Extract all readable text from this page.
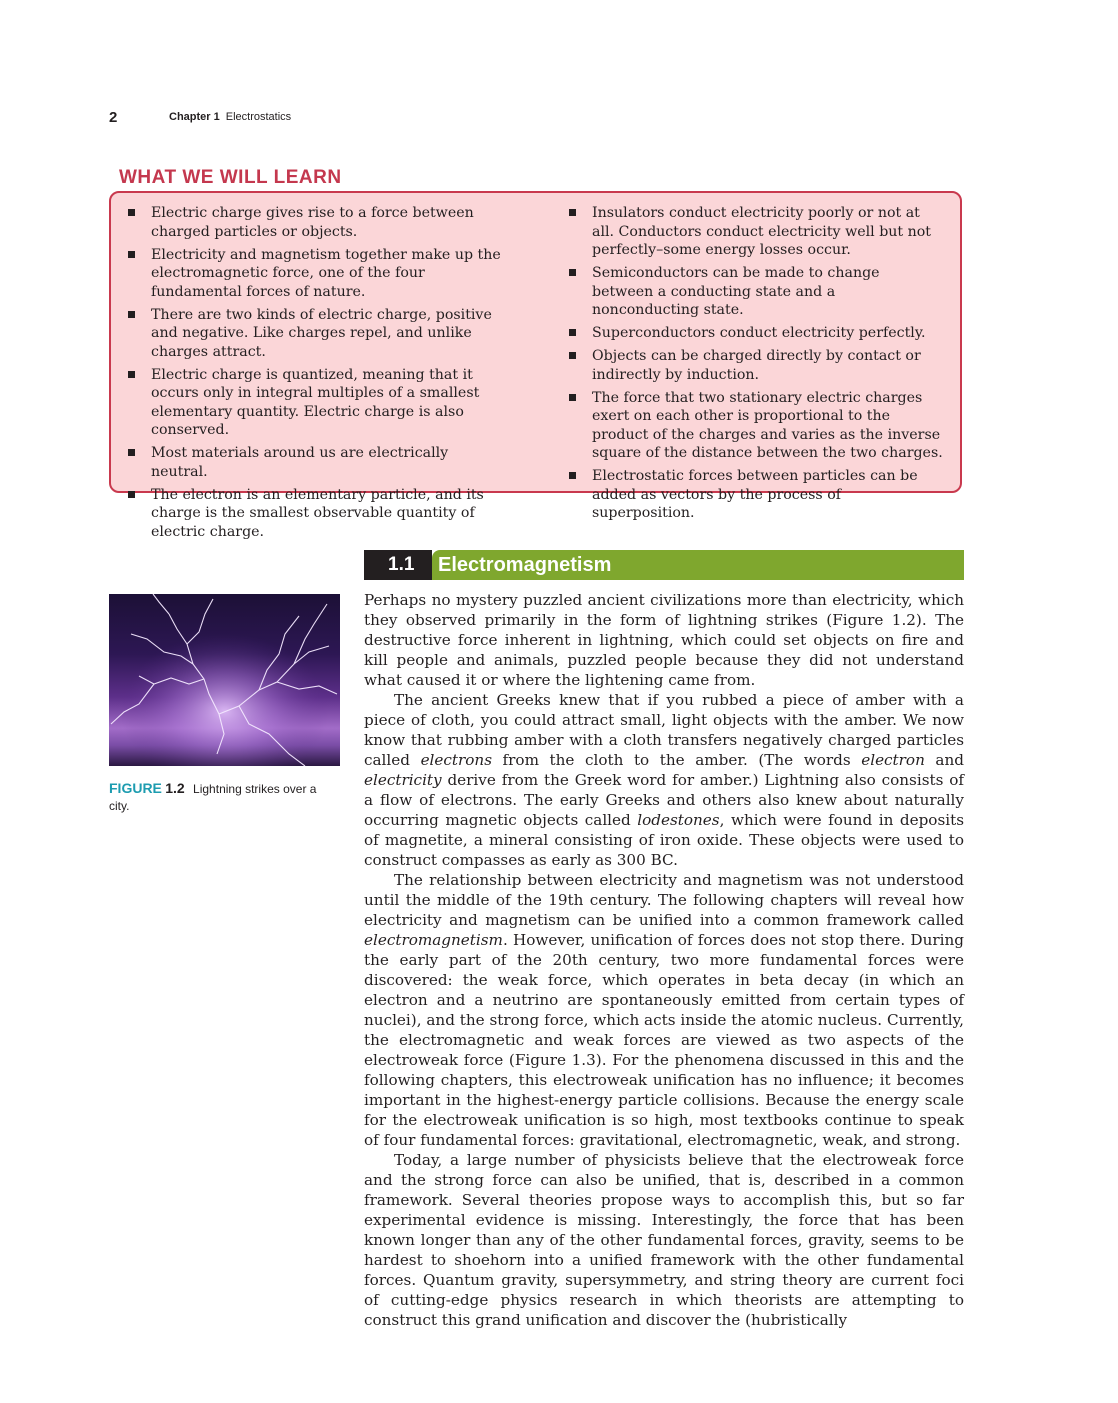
2	Chapter 1 Electrostatics
WHAT WE WILL LEARN
Electric charge gives rise to a force between charged particles or objects.
Electricity and magnetism together make up the electromagnetic force, one of the four fundamental forces of nature.
There are two kinds of electric charge, positive and negative. Like charges repel, and unlike charges attract.
Electric charge is quantized, meaning that it occurs only in integral multiples of a smallest elementary quantity. Electric charge is also conserved.
Most materials around us are electrically neutral.
The electron is an elementary particle, and its charge is the smallest observable quantity of electric charge.
Insulators conduct electricity poorly or not at all. Conductors conduct electricity well but not perfectly–some energy losses occur.
Semiconductors can be made to change between a conducting state and a nonconducting state.
Superconductors conduct electricity perfectly.
Objects can be charged directly by contact or indirectly by induction.
The force that two stationary electric charges exert on each other is proportional to the product of the charges and varies as the inverse square of the distance between the two charges.
Electrostatic forces between particles can be added as vectors by the process of superposition.
1.1 Electromagnetism
FIGURE 1.2 Lightning strikes over a city.

Perhaps no mystery puzzled ancient civilizations more than electricity, which they observed primarily in the form of lightning strikes (Figure 1.2). The destructive force inherent in lightning, which could set objects on fire and kill people and animals, puzzled people because they did not understand what caused it or where the lightening came from.

The ancient Greeks knew that if you rubbed a piece of amber with a piece of cloth, you could attract small, light objects with the amber. We now know that rubbing amber with a cloth transfers negatively charged particles called electrons from the cloth to the amber. (The words electron and electricity derive from the Greek word for amber.) Lightning also consists of a flow of electrons. The early Greeks and others also knew about naturally occurring magnetic objects called lodestones, which were found in deposits of magnetite, a mineral consisting of iron oxide. These objects were used to construct compasses as early as 300 BC.

The relationship between electricity and magnetism was not understood until the middle of the 19th century. The following chapters will reveal how electricity and magnetism can be unified into a common framework called electromagnetism. However, unification of forces does not stop there. During the early part of the 20th century, two more fundamental forces were discovered: the weak force, which operates in beta decay (in which an electron and a neutrino are spontaneously emitted from certain types of nuclei), and the strong force, which acts inside the atomic nucleus. Currently, the electromagnetic and weak forces are viewed as two aspects of the electroweak force (Figure 1.3). For the phenomena discussed in this and the following chapters, this electroweak unification has no influence; it becomes important in the highest-energy particle collisions. Because the energy scale for the electroweak unification is so high, most textbooks continue to speak of four fundamental forces: gravitational, electromagnetic, weak, and strong.

Today, a large number of physicists believe that the electroweak force and the strong force can also be unified, that is, described in a common framework. Several theories propose ways to accomplish this, but so far experimental evidence is missing. Interestingly, the force that has been known longer than any of the other fundamental forces, gravity, seems to be hardest to shoehorn into a unified framework with the other fundamental forces. Quantum gravity, supersymmetry, and string theory are current foci of cutting-edge physics research in which theorists are attempting to construct this grand unification and discover the (hubristically
